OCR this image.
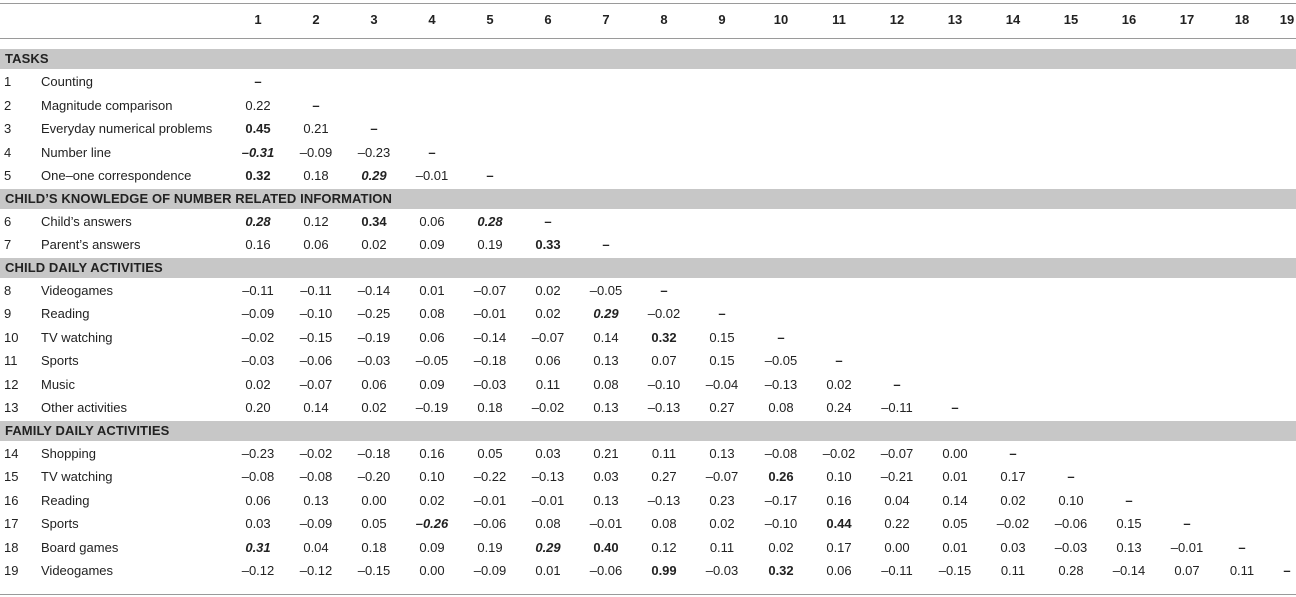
1	2	3	4	5	6	7	8	9	10	11	12	13	14	15	16	17	18	19
TASKS
1 Counting	–
2 Magnitude comparison	0.22	–
3 Everyday numerical problems	0.45	0.21	–
4 Number line	–0.31	–0.09	–0.23	–
5 One–one correspondence	0.32	0.18	0.29	–0.01	–
CHILD’S KNOWLEDGE OF NUMBER RELATED INFORMATION
6 Child’s answers	0.28	0.12	0.34	0.06	0.28	–
7 Parent’s answers	0.16	0.06	0.02	0.09	0.19	0.33	–
CHILD DAILY ACTIVITIES
8 Videogames	–0.11	–0.11	–0.14	0.01	–0.07	0.02	–0.05	–
9 Reading	–0.09	–0.10	–0.25	0.08	–0.01	0.02	0.29	–0.02	–
10 TV watching	–0.02	–0.15	–0.19	0.06	–0.14	–0.07	0.14	0.32	0.15	–
11 Sports	–0.03	–0.06	–0.03	–0.05	–0.18	0.06	0.13	0.07	0.15	–0.05	–
12 Music	0.02	–0.07	0.06	0.09	–0.03	0.11	0.08	–0.10	–0.04	–0.13	0.02	–
13 Other activities	0.20	0.14	0.02	–0.19	0.18	–0.02	0.13	–0.13	0.27	0.08	0.24	–0.11	–
FAMILY DAILY ACTIVITIES
14 Shopping	–0.23	–0.02	–0.18	0.16	0.05	0.03	0.21	0.11	0.13	–0.08	–0.02	–0.07	0.00	–
15 TV watching	–0.08	–0.08	–0.20	0.10	–0.22	–0.13	0.03	0.27	–0.07	0.26	0.10	–0.21	0.01	0.17	–
16 Reading	0.06	0.13	0.00	0.02	–0.01	–0.01	0.13	–0.13	0.23	–0.17	0.16	0.04	0.14	0.02	0.10	–
17 Sports	0.03	–0.09	0.05	–0.26	–0.06	0.08	–0.01	0.08	0.02	–0.10	0.44	0.22	0.05	–0.02	–0.06	0.15	–
18 Board games	0.31	0.04	0.18	0.09	0.19	0.29	0.40	0.12	0.11	0.02	0.17	0.00	0.01	0.03	–0.03	0.13	–0.01	–
19 Videogames	–0.12	–0.12	–0.15	0.00	–0.09	0.01	–0.06	0.99	–0.03	0.32	0.06	–0.11	–0.15	0.11	0.28	–0.14	0.07	0.11	–
